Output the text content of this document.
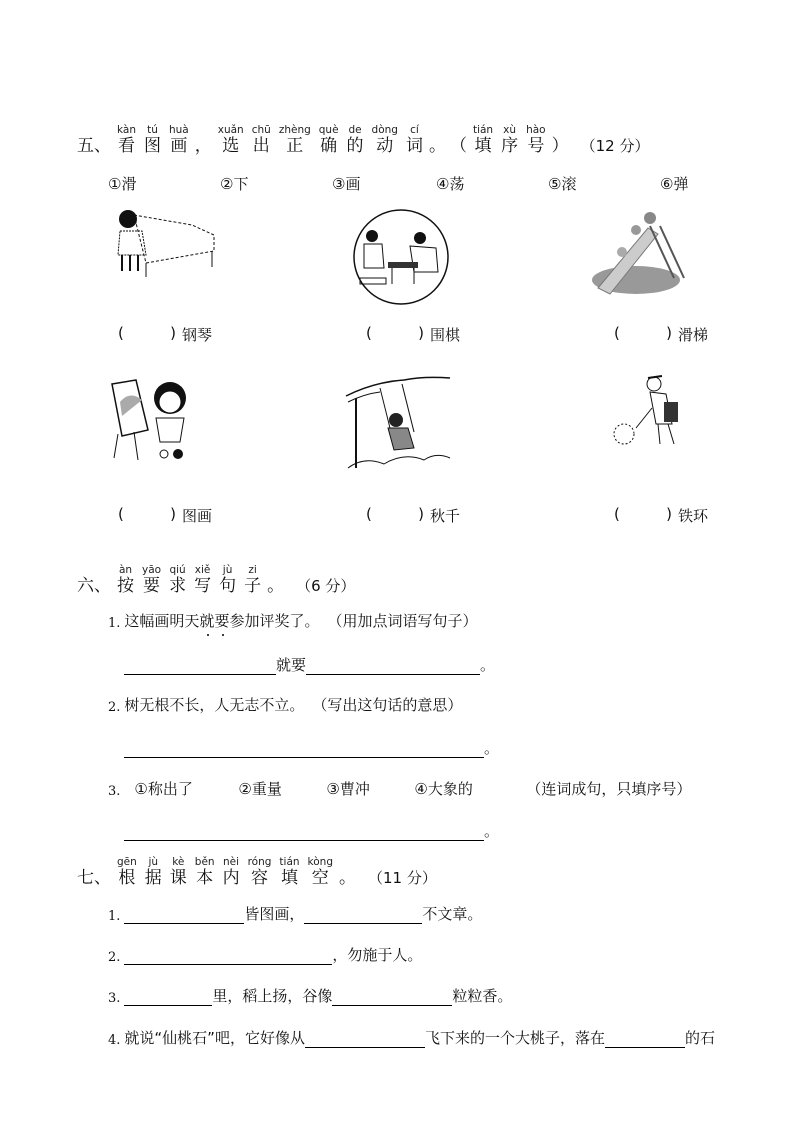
五、
kàn
看
tú
图
huà
画 ，
xuǎn
选
chū
出
zhèng
正
què
确
de
的
dòng
动
cí
词 。 （
tián
填
xù
序
hào
号 ） （12 分）
①滑	②下	③画	④荡	⑤滚	⑥弹
(	) 钢琴	(	) 围棋	(	) 滑梯
(	) 图画	(	) 秋千	(	) 铁环
六、
àn
按
yāo
要
qiú
求
xiě
写
jù
句
zi
子 。 （6 分）
1. 这幅画明天 就 要 参加评奖了。 （用加点词语写句子）
就要	。
2. 树无根不长，人无志不立。 （写出这句话的意思）
。
3. ①称出了	②重量	③曹冲	④大象的	（连词成句，只填序号）
。
七、
gēn
根
jù
据
kè
课
běn
本
nèi
内
róng
容
tián
填
kòng
空 。 （11 分）
1.	皆图画，	不文章。
2.	，勿施于人。
3.	里，稻上扬，谷像	粒粒香。
4. 就说“仙桃石”吧，它好像从	飞下来的一个大桃子，落在	的石
